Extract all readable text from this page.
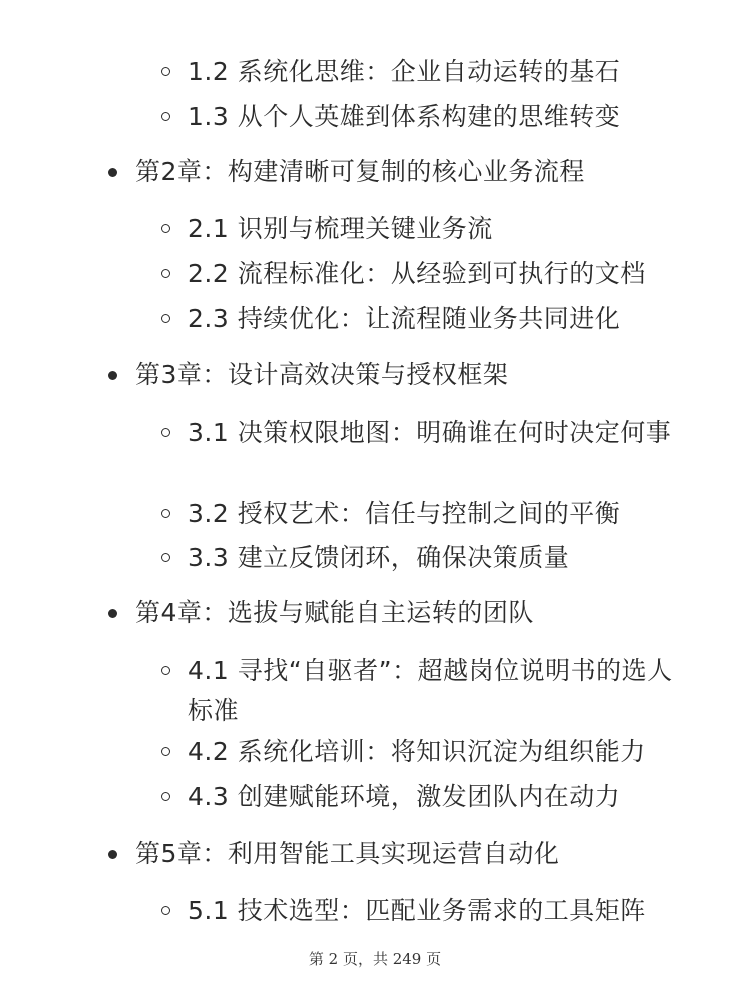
1.2 系统化思维：企业自动运转的基石
1.3 从个人英雄到体系构建的思维转变
第2章：构建清晰可复制的核心业务流程
2.1 识别与梳理关键业务流
2.2 流程标准化：从经验到可执行的文档
2.3 持续优化：让流程随业务共同进化
第3章：设计高效决策与授权框架
3.1 决策权限地图：明确谁在何时决定何事
3.2 授权艺术：信任与控制之间的平衡
3.3 建立反馈闭环，确保决策质量
第4章：选拔与赋能自主运转的团队
4.1 寻找“自驱者”：超越岗位说明书的选人标准
4.2 系统化培训：将知识沉淀为组织能力
4.3 创建赋能环境，激发团队内在动力
第5章：利用智能工具实现运营自动化
5.1 技术选型：匹配业务需求的工具矩阵
第 2 页，共 249 页
